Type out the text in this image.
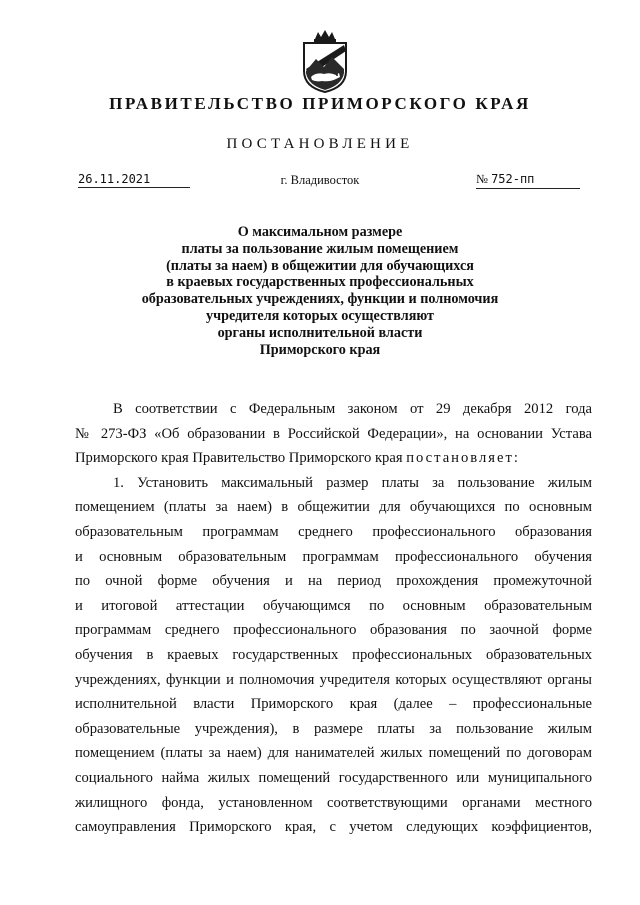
ПРАВИТЕЛЬСТВО ПРИМОРСКОГО КРАЯ
ПОСТАНОВЛЕНИЕ
26.11.2021	г. Владивосток	№ 752-пп
О максимальном размере
платы за пользование жилым помещением
(платы за наем) в общежитии для обучающихся
в краевых государственных профессиональных
образовательных учреждениях, функции и полномочия
учредителя которых осуществляют
органы исполнительной власти
Приморского края
В соответствии с Федеральным законом от 29 декабря 2012 года
№ 273-ФЗ «Об образовании в Российской Федерации», на основании Устава
Приморского края Правительство Приморского края постановляет:
1. Установить максимальный размер платы за пользование жилым
помещением (платы за наем) в общежитии для обучающихся по основным
образовательным программам среднего профессионального образования
и основным образовательным программам профессионального обучения
по очной форме обучения и на период прохождения промежуточной
и итоговой аттестации обучающимся по основным образовательным
программам среднего профессионального образования по заочной форме
обучения в краевых государственных профессиональных образовательных
учреждениях, функции и полномочия учредителя которых осуществляют органы
исполнительной власти Приморского края (далее – профессиональные
образовательные учреждения), в размере платы за пользование жилым
помещением (платы за наем) для нанимателей жилых помещений по договорам
социального найма жилых помещений государственного или муниципального
жилищного фонда, установленном соответствующими органами местного
самоуправления Приморского края, с учетом следующих коэффициентов,
